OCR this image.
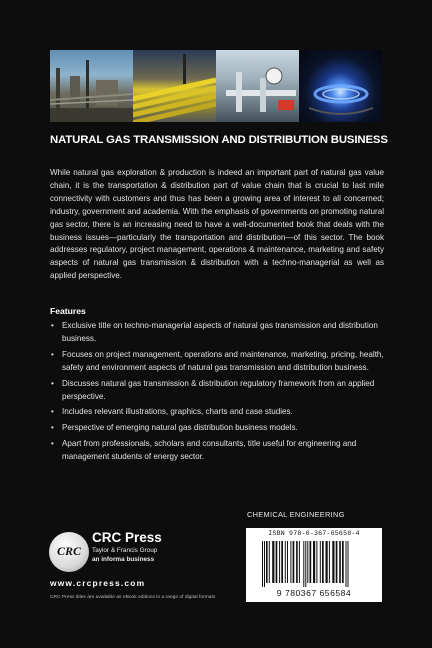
NATURAL GAS TRANSMISSION AND DISTRIBUTION BUSINESS

While natural gas exploration & production is indeed an important part of natural gas value chain, it is the transportation & distribution part of value chain that is crucial to last mile connectivity with customers and thus has been a growing area of interest to all concerned; industry, government and academia. With the emphasis of governments on promoting natural gas sector, there is an increasing need to have a well-documented book that deals with the business issues—particularly the transportation and distribution—of this sector. The book addresses regulatory, project management, operations & maintenance, marketing and safety aspects of natural gas transmission & distribution with a techno-managerial as well as applied perspective.

Features
• Exclusive title on techno-managerial aspects of natural gas transmission and distribution business.
• Focuses on project management, operations and maintenance, marketing, pricing, health, safety and environment aspects of natural gas transmission and distribution business.
• Discusses natural gas transmission & distribution regulatory framework from an applied perspective.
• Includes relevant illustrations, graphics, charts and case studies.
• Perspective of emerging natural gas distribution business models.
• Apart from professionals, scholars and consultants, title useful for engineering and management students of energy sector.
CHEMICAL ENGINEERING
CRC
CRC Press
Taylor & Francis Group
an informa business
www.crcpress.com
CRC Press titles are available as eBook editions in a range of digital formats
ISBN 978-0-367-65658-4
9 780367 656584
